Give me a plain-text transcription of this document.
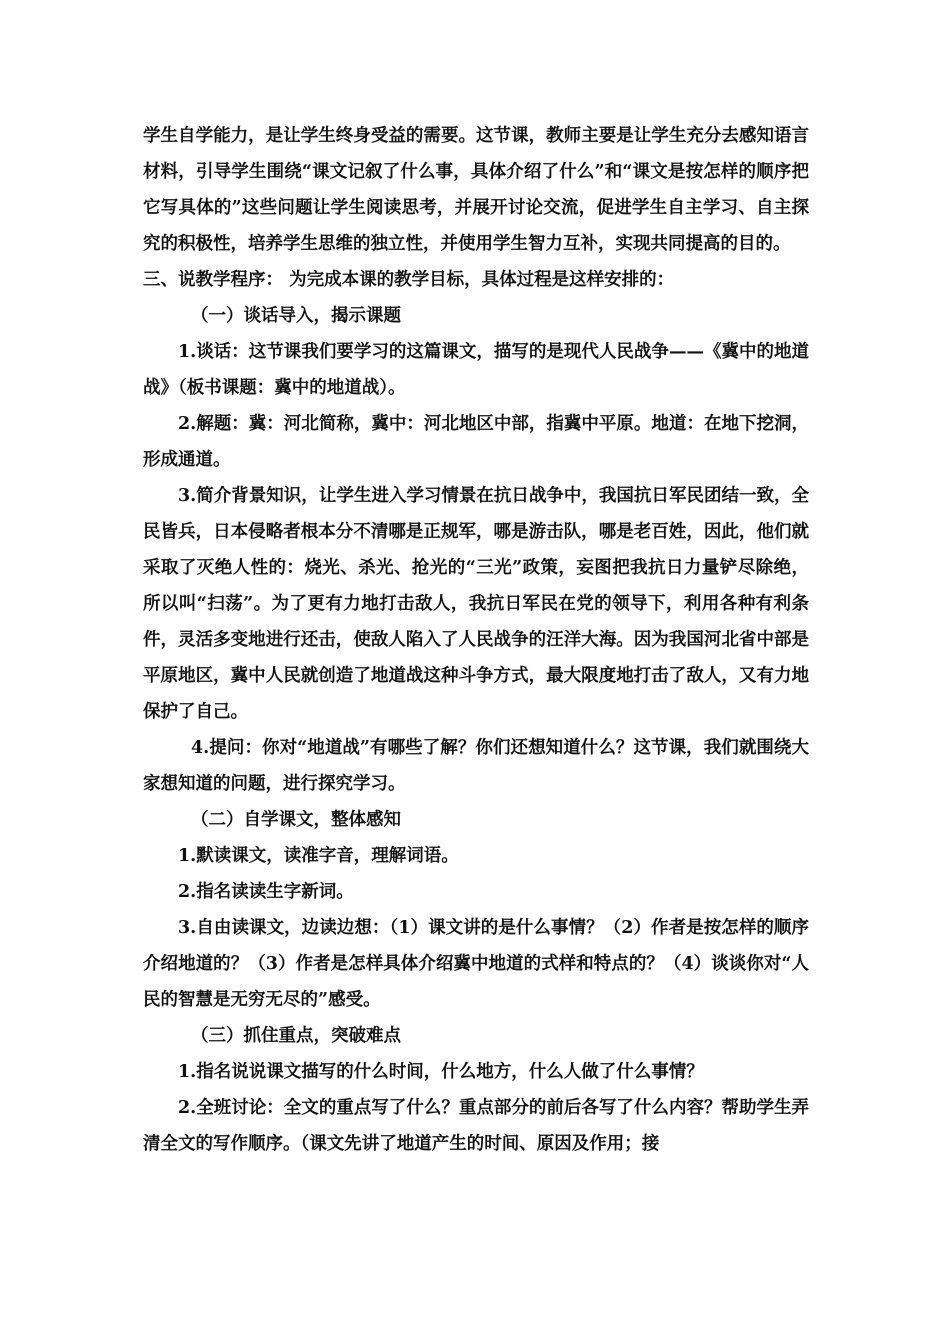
学生自学能力，是让学生终身受益的需要。这节课，教师主要是让学生充分去感知语言材料，引导学生围绕“课文记叙了什么事，具体介绍了什么”和“课文是按怎样的顺序把它写具体的”这些问题让学生阅读思考，并展开讨论交流，促进学生自主学习、自主探究的积极性，培养学生思维的独立性，并使用学生智力互补，实现共同提高的目的。

三、说教学程序： 为完成本课的教学目标，具体过程是这样安排的：

（一）谈话导入，揭示课题

1.谈话：这节课我们要学习的这篇课文，描写的是现代人民战争——《冀中的地道战》（板书课题：冀中的地道战）。

2.解题：冀：河北简称，冀中：河北地区中部，指冀中平原。地道：在地下挖洞，形成通道。

3.简介背景知识，让学生进入学习情景在抗日战争中，我国抗日军民团结一致，全民皆兵，日本侵略者根本分不清哪是正规军，哪是游击队，哪是老百姓，因此，他们就采取了灭绝人性的：烧光、杀光、抢光的“三光”政策，妄图把我抗日力量铲尽除绝，所以叫“扫荡”。为了更有力地打击敌人，我抗日军民在党的领导下，利用各种有利条件，灵活多变地进行还击，使敌人陷入了人民战争的汪洋大海。因为我国河北省中部是平原地区，冀中人民就创造了地道战这种斗争方式，最大限度地打击了敌人，又有力地保护了自己。

4.提问：你对“地道战”有哪些了解？你们还想知道什么？这节课，我们就围绕大家想知道的问题，进行探究学习。

（二）自学课文，整体感知

1.默读课文，读准字音，理解词语。

2.指名读读生字新词。

3.自由读课文，边读边想：（1）课文讲的是什么事情？（2）作者是按怎样的顺序介绍地道的？（3）作者是怎样具体介绍冀中地道的式样和特点的？（4）谈谈你对“人民的智慧是无穷无尽的”感受。

（三）抓住重点，突破难点

1.指名说说课文描写的什么时间，什么地方，什么人做了什么事情？

2.全班讨论：全文的重点写了什么？重点部分的前后各写了什么内容？帮助学生弄清全文的写作顺序。（课文先讲了地道产生的时间、原因及作用；接
